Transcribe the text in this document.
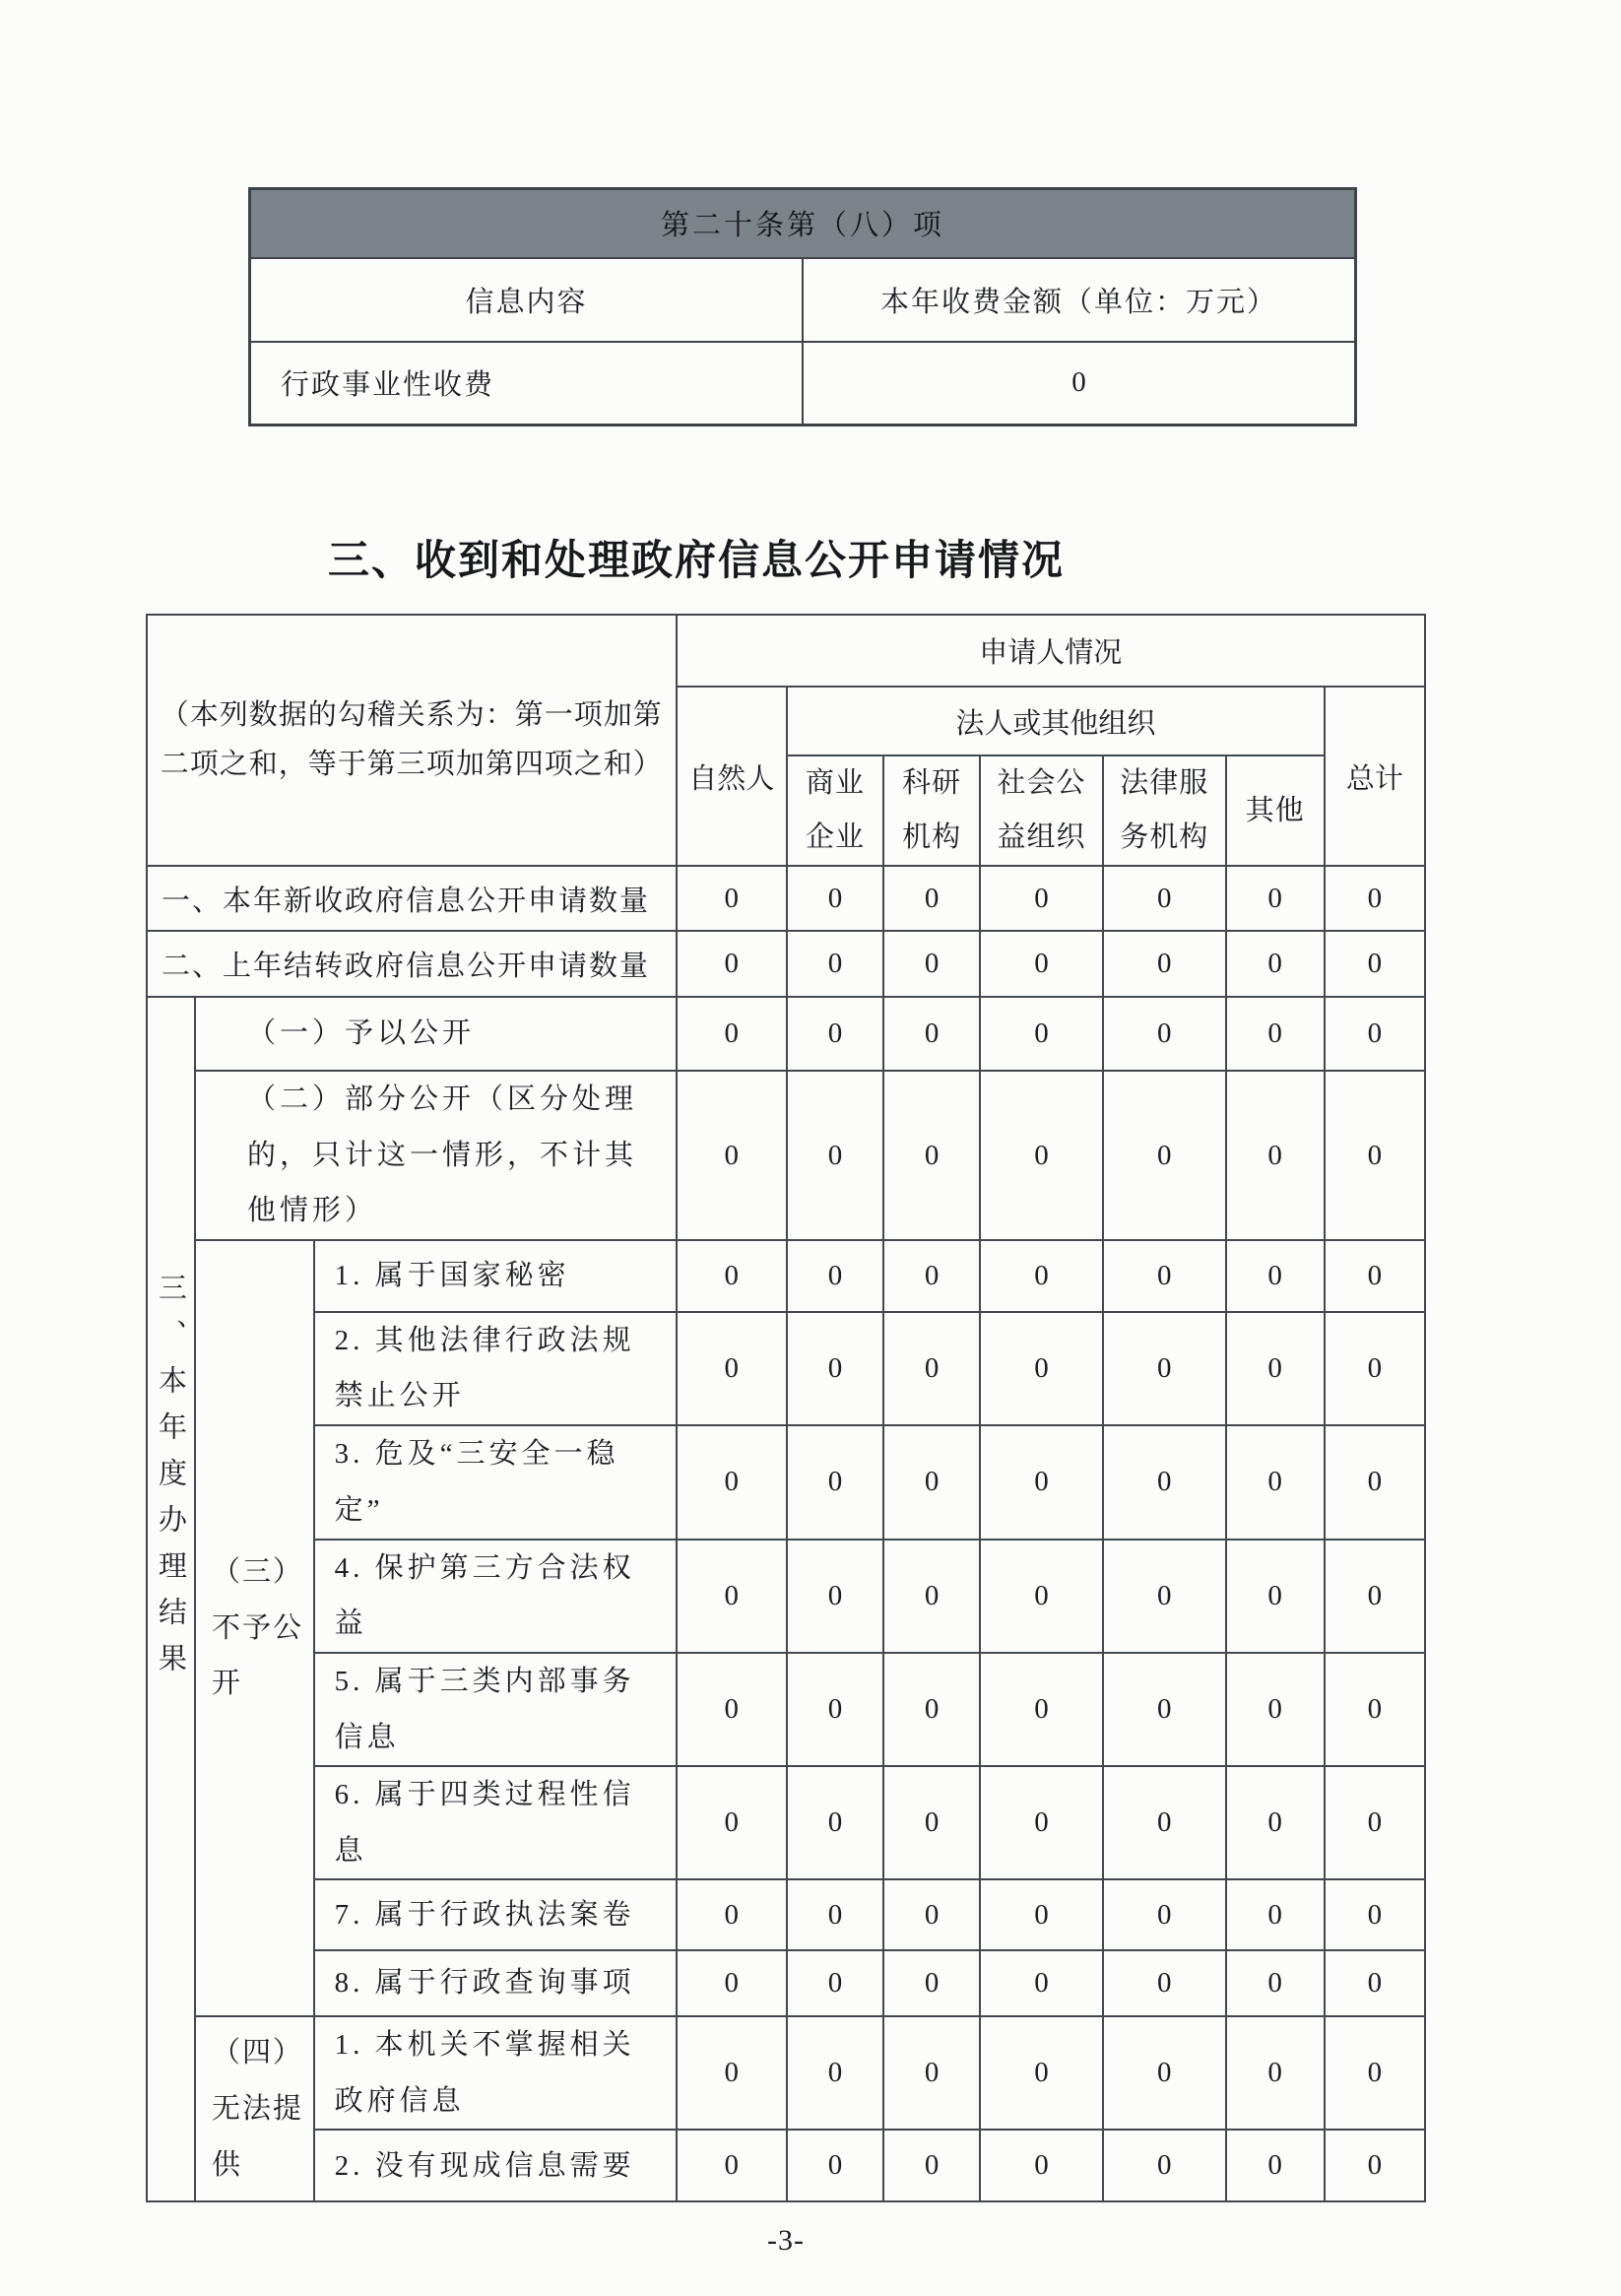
第二十条第（八）项	
信息内容	本年收费金额（单位：万元）
行政事业性收费	0
三、收到和处理政府信息公开申请情况
（本列数据的勾稽关系为：第一项加第二项之和，等于第三项加第四项之和）			申请人情况						
			自然人	法人或其他组织					总计
				商业企业	科研机构	社会公益组织	法律服务机构	其他	
一、本年新收政府信息公开申请数量			0	0	0	0	0	0	0
二、上年结转政府信息公开申请数量			0	0	0	0	0	0	0
三、本年度办理结果	（一）予以公开		0	0	0	0	0	0	0
	（二）部分公开（区分处理的，只计这一情形，不计其他情形）		0	0	0	0	0	0	0
	（三）不予公开	1. 属于国家秘密	0	0	0	0	0	0	0
		2. 其他法律行政法规禁止公开	0	0	0	0	0	0	0
		3. 危及“三安全一稳定”	0	0	0	0	0	0	0
		4. 保护第三方合法权益	0	0	0	0	0	0	0
		5. 属于三类内部事务信息	0	0	0	0	0	0	0
		6. 属于四类过程性信息	0	0	0	0	0	0	0
		7. 属于行政执法案卷	0	0	0	0	0	0	0
		8. 属于行政查询事项	0	0	0	0	0	0	0
	（四）无法提供	1. 本机关不掌握相关政府信息	0	0	0	0	0	0	0
		2. 没有现成信息需要	0	0	0	0	0	0	0
-3-
